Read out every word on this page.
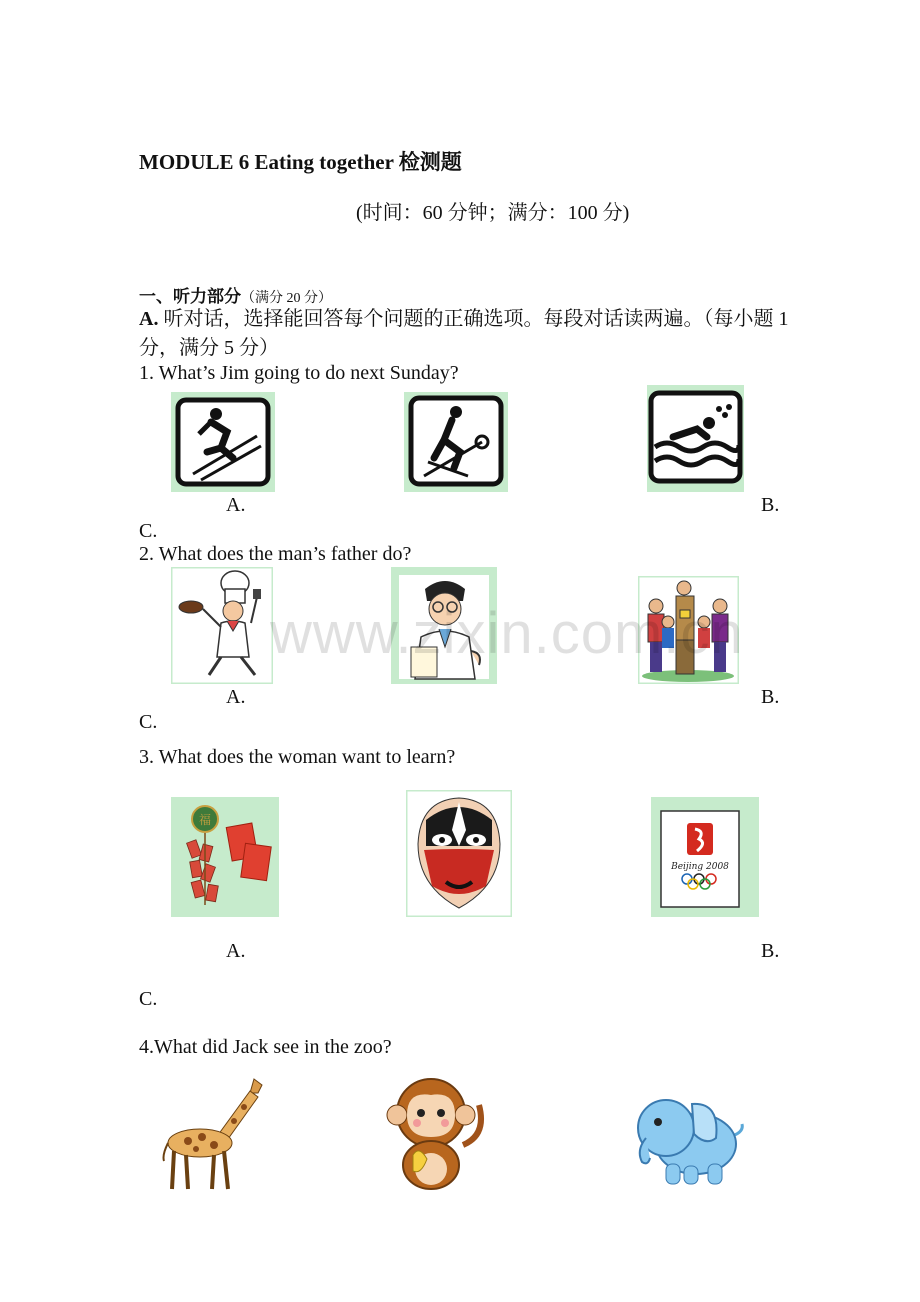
MODULE 6 Eating together 检测题
(时间：60 分钟；满分：100 分)
一、听力部分（满分 20 分）
A. 听对话，选择能回答每个问题的正确选项。每段对话读两遍。（每小题 1 分，满分 5 分）
1. What’s Jim going to do next Sunday?
A.	B.
C.
2. What does the man’s father do?
www.zixin.com.cn
A.	B.
C.
3. What does the woman want to learn?
福
Beijing 2008
A.	B.
C.
4.What did Jack see in the zoo?
